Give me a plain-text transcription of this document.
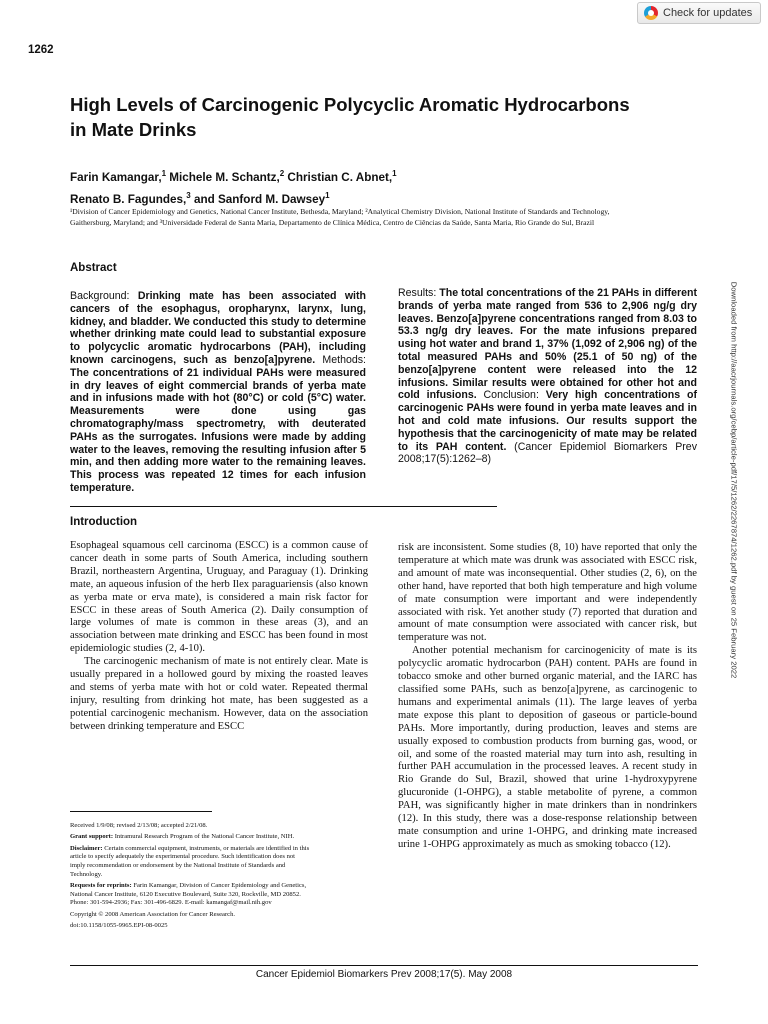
1262
Check for updates
High Levels of Carcinogenic Polycyclic Aromatic Hydrocarbons in Mate Drinks
Farin Kamangar,$^1$ Michele M. Schantz,$^2$ Christian C. Abnet,$^1$
Renato B. Fagundes,$^3$ and Sanford M. Dawsey$^1$
¹Division of Cancer Epidemiology and Genetics, National Cancer Institute, Bethesda, Maryland; ²Analytical Chemistry Division, National Institute of Standards and Technology, Gaithersburg, Maryland; and ³Universidade Federal de Santa Maria, Departamento de Clínica Médica, Centro de Ciências da Saúde, Santa Maria, Rio Grande do Sul, Brazil
Abstract
Background: Drinking mate has been associated with cancers of the esophagus, oropharynx, larynx, lung, kidney, and bladder. We conducted this study to determine whether drinking mate could lead to substantial exposure to polycyclic aromatic hydrocarbons (PAH), including known carcinogens, such as benzo[a]pyrene. Methods: The concentrations of 21 individual PAHs were measured in dry leaves of eight commercial brands of yerba mate and in infusions made with hot (80°C) or cold (5°C) water. Measurements were done using gas chromatography/mass spectrometry, with deuterated PAHs as the surrogates. Infusions were made by adding water to the leaves, removing the resulting infusion after 5 min, and then adding more water to the remaining leaves. This process was repeated 12 times for each infusion temperature.
Results: The total concentrations of the 21 PAHs in different brands of yerba mate ranged from 536 to 2,906 ng/g dry leaves. Benzo[a]pyrene concentrations ranged from 8.03 to 53.3 ng/g dry leaves. For the mate infusions prepared using hot water and brand 1, 37% (1,092 of 2,906 ng) of the total measured PAHs and 50% (25.1 of 50 ng) of the benzo[a]pyrene content were released into the 12 infusions. Similar results were obtained for other hot and cold infusions. Conclusion: Very high concentrations of carcinogenic PAHs were found in yerba mate leaves and in hot and cold mate infusions. Our results support the hypothesis that the carcinogenicity of mate may be related to its PAH content. (Cancer Epidemiol Biomarkers Prev 2008;17(5):1262–8)
Introduction

Esophageal squamous cell carcinoma (ESCC) is a common cause of cancer death in some parts of South America, including southern Brazil, northeastern Argentina, Uruguay, and Paraguay (1). Drinking mate, an aqueous infusion of the herb Ilex paraguariensis (also known as yerba mate or erva mate), is considered a main risk factor for ESCC in these areas of South America (2). Daily consumption of large volumes of mate is common in these areas (3), and an association between mate drinking and ESCC has been found in most epidemiologic studies (2, 4-10).

The carcinogenic mechanism of mate is not entirely clear. Mate is usually prepared in a hollowed gourd by mixing the roasted leaves and stems of yerba mate with hot or cold water. Repeated thermal injury, resulting from drinking hot mate, has been suggested as a potential carcinogenic mechanism. However, data on the association between drinking temperature and ESCC

risk are inconsistent. Some studies (8, 10) have reported that only the temperature at which mate was drunk was associated with ESCC risk, and amount of mate was inconsequential. Other studies (2, 6), on the other hand, have reported that both high temperature and high volume of mate consumption were important and were independently associated with risk. Yet another study (7) reported that duration and amount of mate consumption were associated with cancer risk, but temperature was not.

Another potential mechanism for carcinogenicity of mate is its polycyclic aromatic hydrocarbon (PAH) content. PAHs are found in tobacco smoke and other burned organic material, and the IARC has classified some PAHs, such as benzo[a]pyrene, as carcinogenic to humans and experimental animals (11). The large leaves of yerba mate expose this plant to deposition of gaseous or particle-bound PAHs. More importantly, during production, leaves and stems are usually exposed to combustion products from burning gas, wood, or oil, and some of the roasted material may turn into ash, resulting in further PAH accumulation in the processed leaves. A recent study in Rio Grande do Sul, Brazil, showed that urine 1-hydroxypyrene glucuronide (1-OHPG), a stable metabolite of pyrene, a common PAH, was significantly higher in mate drinkers than in nondrinkers (12). In this study, there was a dose-response relationship between mate consumption and urine 1-OHPG, and drinking mate increased urine 1-OHPG approximately as much as smoking tobacco (12).

Received 1/9/08; revised 2/13/08; accepted 2/21/08.
Grant support: Intramural Research Program of the National Cancer Institute, NIH.
Disclaimer: Certain commercial equipment, instruments, or materials are identified in this article to specify adequately the experimental procedure. Such identification does not imply recommendation or endorsement by the National Institute of Standards and Technology.
Requests for reprints: Farin Kamangar, Division of Cancer Epidemiology and Genetics, National Cancer Institute, 6120 Executive Boulevard, Suite 320, Rockville, MD 20852. Phone: 301-594-2936; Fax: 301-496-6829. E-mail: kamangaf@mail.nih.gov
Copyright © 2008 American Association for Cancer Research.
doi:10.1158/1055-9965.EPI-08-0025
Cancer Epidemiol Biomarkers Prev 2008;17(5). May 2008
Downloaded from http://aacrjournals.org/cebp/article-pdf/17/5/1262/2267874/1262.pdf by guest on 25 February 2022
